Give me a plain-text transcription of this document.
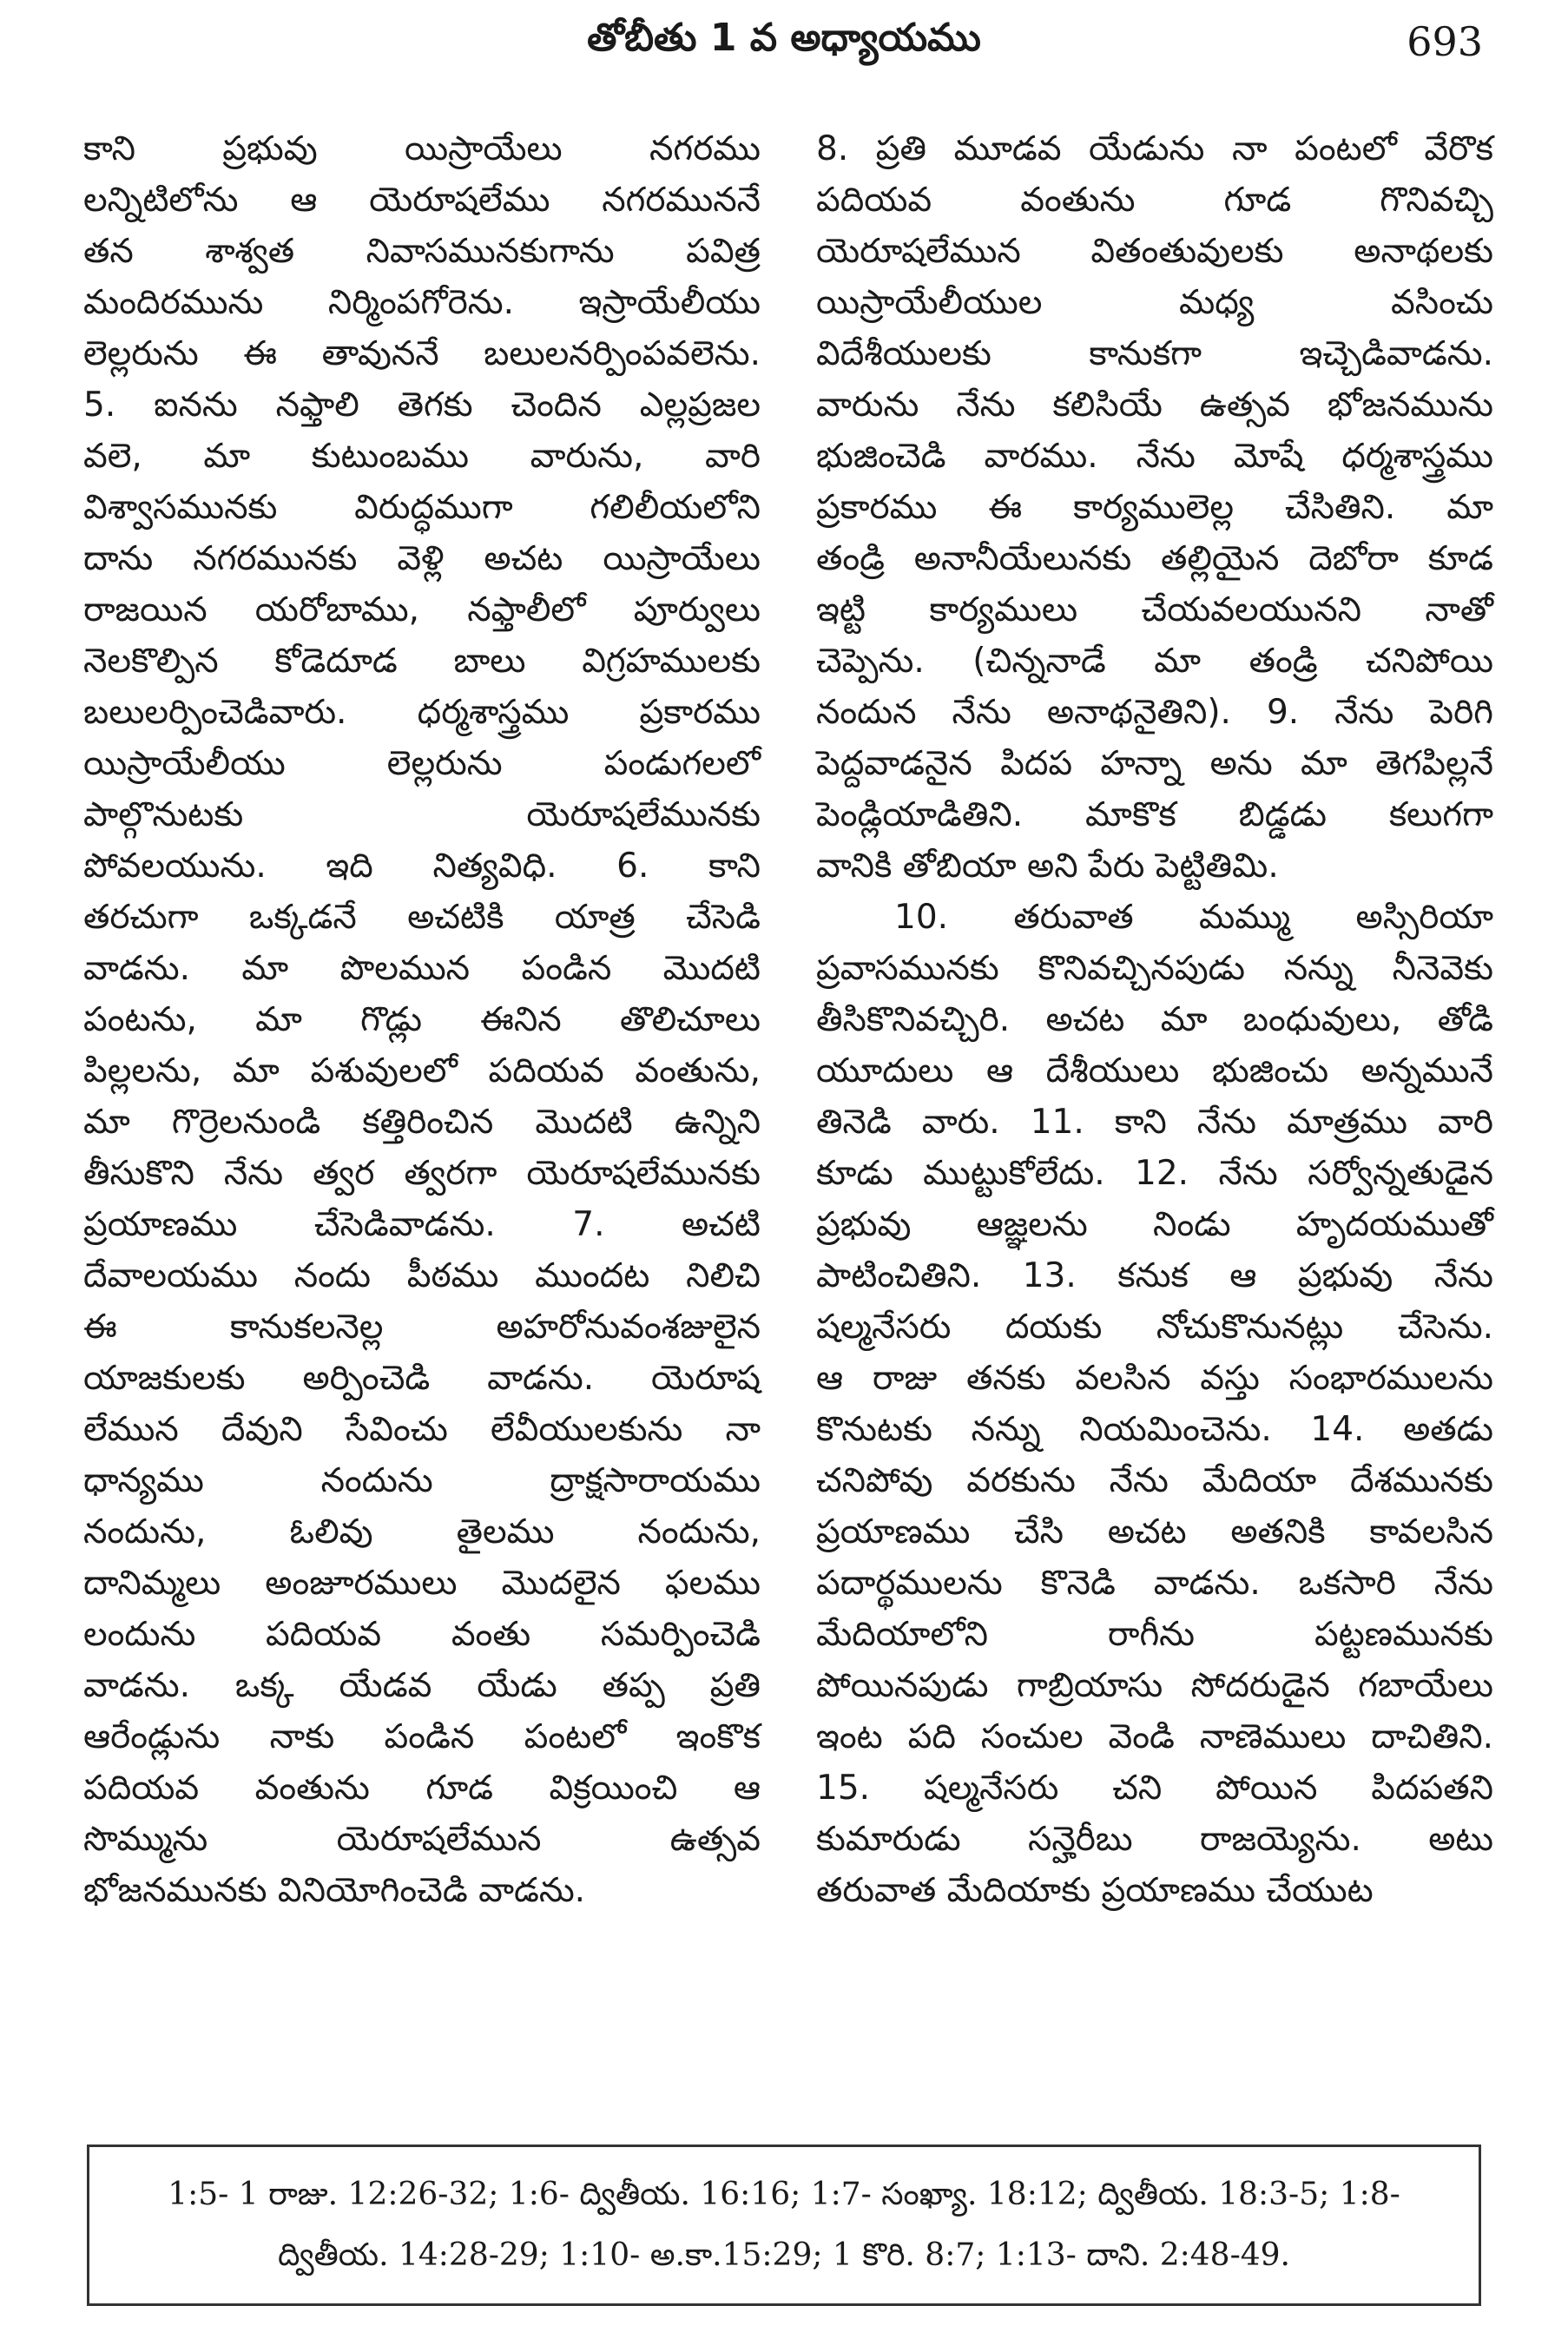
తోబీతు 1 వ అధ్యాయము	693
కాని ప్రభువు యిస్రాయేలు నగరము
లన్నిటిలోను ఆ యెరూషలేము నగరముననే
తన శాశ్వత నివాసమునకుగాను పవిత్ర
మందిరమును నిర్మింపగోరెను. ఇస్రాయేలీయు
లెల్లరును ఈ తావుననే బలులనర్పింపవలెను.
5. ఐనను నఫ్తాలి తెగకు చెందిన ఎల్లప్రజల
వలె, మా కుటుంబము వారును, వారి
విశ్వాసమునకు విరుద్ధముగా గలిలీయలోని
దాను నగరమునకు వెళ్లి అచట యిస్రాయేలు
రాజయిన యరోబాము, నఫ్తాలీలో పూర్వులు
నెలకొల్పిన కోడెదూడ బాలు విగ్రహములకు
బలులర్పించెడివారు. ధర్మశాస్త్రము ప్రకారము
యిస్రాయేలీయు లెల్లరును పండుగలలో
పాల్గొనుటకు యెరూషలేమునకు
పోవలయును. ఇది నిత్యవిధి. 6. కాని
తరచుగా ఒక్కడనే అచటికి యాత్ర చేసెడి
వాడను. మా పొలమున పండిన మొదటి
పంటను, మా గొడ్లు ఈనిన తొలిచూలు
పిల్లలను, మా పశువులలో పదియవ వంతును,
మా గొర్రెలనుండి కత్తిరించిన మొదటి ఉన్నిని
తీసుకొని నేను త్వర త్వరగా యెరూషలేమునకు
ప్రయాణము చేసెడివాడను. 7. అచటి
దేవాలయము నందు పీఠము ముందట నిలిచి
ఈ కానుకలనెల్ల అహరోనువంశజులైన
యాజకులకు అర్పించెడి వాడను. యెరూష
లేమున దేవుని సేవించు లేవీయులకును నా
ధాన్యము నందును ద్రాక్షసారాయము
నందును, ఓలివు తైలము నందును,
దానిమ్మలు అంజూరములు మొదలైన ఫలము
లందును పదియవ వంతు సమర్పించెడి
వాడను. ఒక్క యేడవ యేడు తప్ప ప్రతి
ఆరేండ్లును నాకు పండిన పంటలో ఇంకొక
పదియవ వంతును గూడ విక్రయించి ఆ
సొమ్మును యెరూషలేమున ఉత్సవ
భోజనమునకు వినియోగించెడి వాడను.
8. ప్రతి మూడవ యేడును నా పంటలో వేరొక
పదియవ వంతును గూడ గొనివచ్చి
యెరూషలేమున వితంతువులకు అనాథలకు
యిస్రాయేలీయుల మధ్య వసించు
విదేశీయులకు కానుకగా ఇచ్చెడివాడను.
వారును నేను కలిసియే ఉత్సవ భోజనమును
భుజించెడి వారము. నేను మోషే ధర్మశాస్త్రము
ప్రకారము ఈ కార్యములెల్ల చేసితిని. మా
తండ్రి అనానీయేలునకు తల్లియైన దెబోరా కూడ
ఇట్టి కార్యములు చేయవలయునని నాతో
చెప్పెను. (చిన్ననాడే మా తండ్రి చనిపోయి
నందున నేను అనాథనైతిని). 9. నేను పెరిగి
పెద్దవాడనైన పిదప హన్నా అను మా తెగపిల్లనే
పెండ్లియాడితిని. మాకొక బిడ్డడు కలుగగా
వానికి తోబియా అని పేరు పెట్టితిమి.
10. తరువాత మమ్ము అస్సిరియా
ప్రవాసమునకు కొనివచ్చినపుడు నన్ను నీనెవెకు
తీసికొనివచ్చిరి. అచట మా బంధువులు, తోడి
యూదులు ఆ దేశీయులు భుజించు అన్నమునే
తినెడి వారు. 11. కాని నేను మాత్రము వారి
కూడు ముట్టుకోలేదు. 12. నేను సర్వోన్నతుడైన
ప్రభువు ఆజ్ఞలను నిండు హృదయముతో
పాటించితిని. 13. కనుక ఆ ప్రభువు నేను
షల్మనేసరు దయకు నోచుకొనునట్లు చేసెను.
ఆ రాజు తనకు వలసిన వస్తు సంభారములను
కొనుటకు నన్ను నియమించెను. 14. అతడు
చనిపోవు వరకును నేను మేదియా దేశమునకు
ప్రయాణము చేసి అచట అతనికి కావలసిన
పదార్థములను కొనెడి వాడను. ఒకసారి నేను
మేదియాలోని రాగీను పట్టణమునకు
పోయినపుడు గాబ్రియాసు సోదరుడైన గబాయేలు
ఇంట పది సంచుల వెండి నాణెములు దాచితిని.
15. షల్మనేసరు చని పోయిన పిదపతని
కుమారుడు సన్హెరీబు రాజయ్యెను. అటు
తరువాత మేదియాకు ప్రయాణము చేయుట
1:5- 1 రాజు. 12:26-32; 1:6- ద్వితీయ. 16:16; 1:7- సంఖ్యా. 18:12; ద్వితీయ. 18:3-5; 1:8-
ద్వితీయ. 14:28-29; 1:10- అ.కా.15:29; 1 కొరి. 8:7; 1:13- దాని. 2:48-49.
